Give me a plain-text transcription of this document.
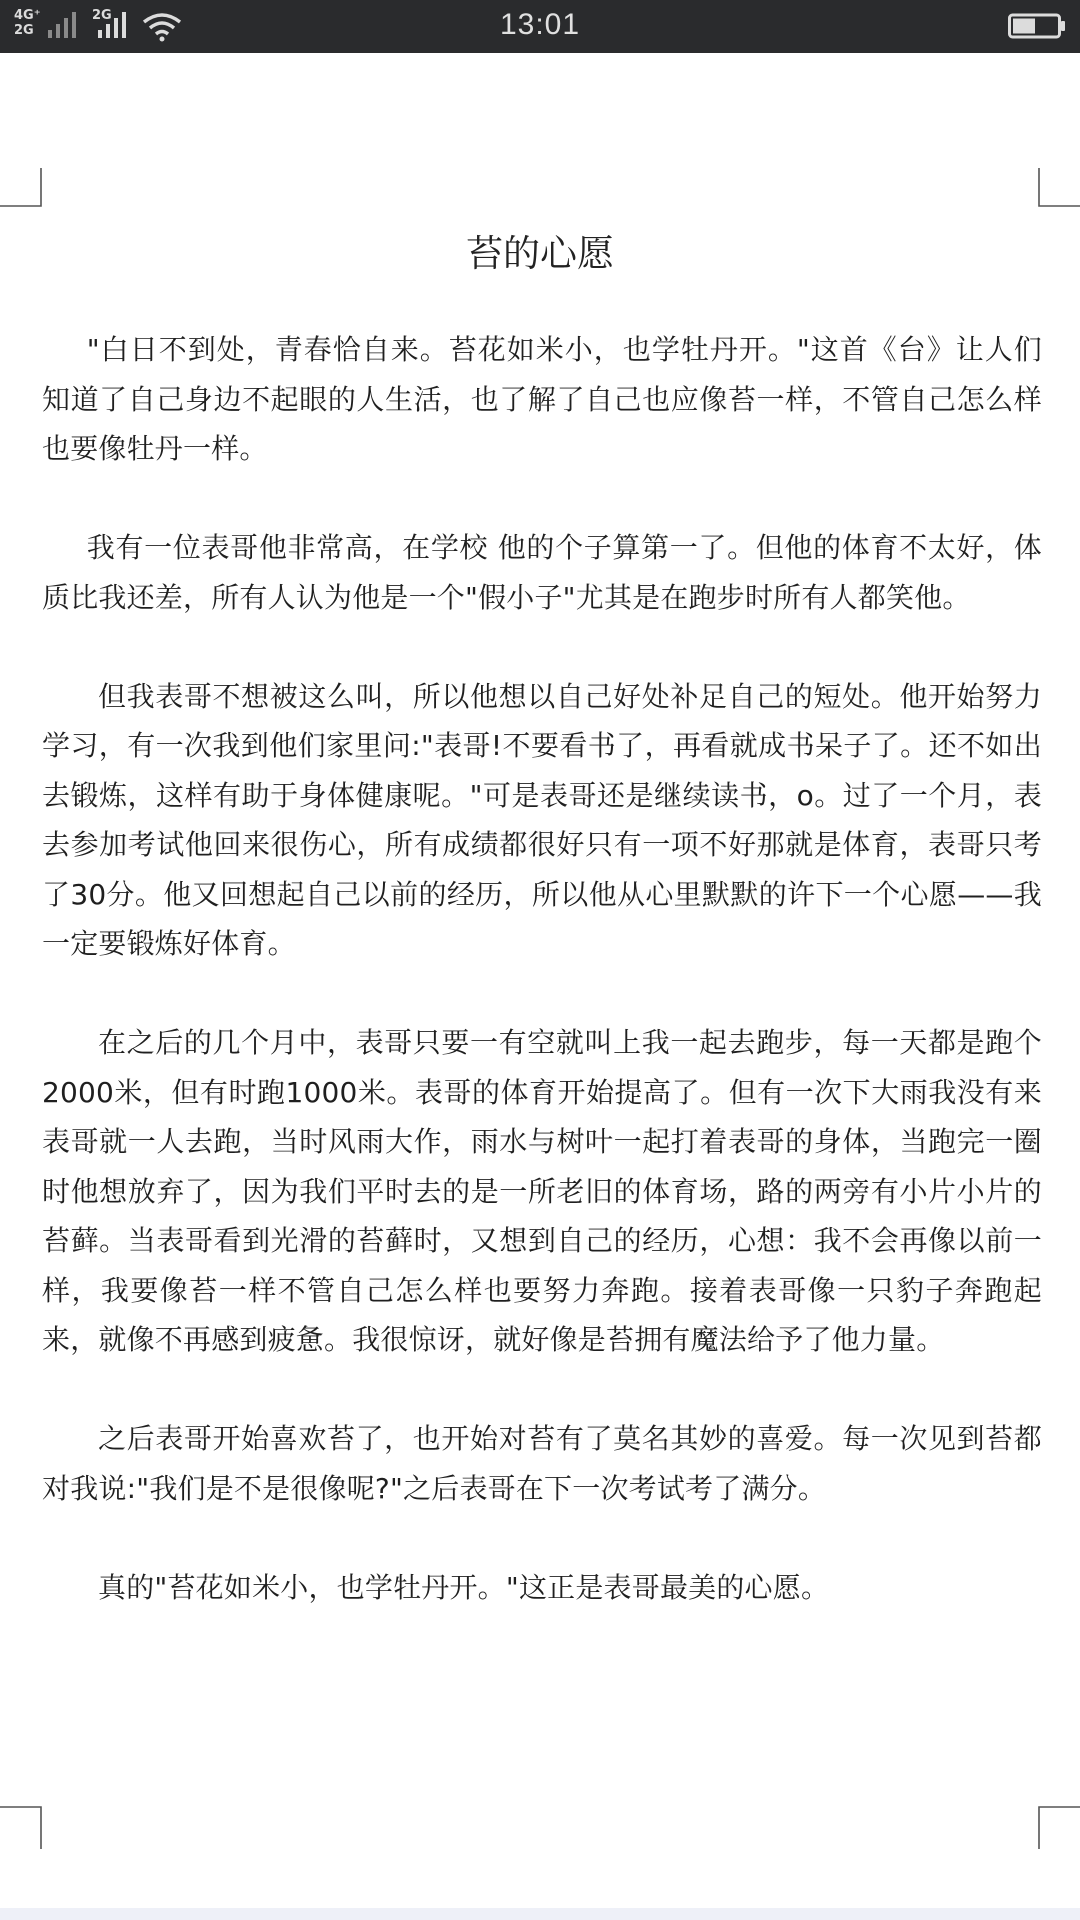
4G⁺
2G
2G	13:01
苔的心愿

"白日不到处，青春恰自来。苔花如米小，也学牡丹开。"这首《台》让人们知道了自己身边不起眼的人生活，也了解了自己也应像苔一样，不管自己怎么样也要像牡丹一样。

我有一位表哥他非常高，在学校 他的个子算第一了。但他的体育不太好，体质比我还差，所有人认为他是一个"假小子"尤其是在跑步时所有人都笑他。

但我表哥不想被这么叫，所以他想以自己好处补足自己的短处。他开始努力学习，有一次我到他们家里问:"表哥!不要看书了，再看就成书呆子了。还不如出去锻炼，这样有助于身体健康呢。"可是表哥还是继续读书，o。过了一个月，表去参加考试他回来很伤心，所有成绩都很好只有一项不好那就是体育，表哥只考了30分。他又回想起自己以前的经历，所以他从心里默默的许下一个心愿——我一定要锻炼好体育。

在之后的几个月中，表哥只要一有空就叫上我一起去跑步，每一天都是跑个2000米，但有时跑1000米。表哥的体育开始提高了。但有一次下大雨我没有来表哥就一人去跑，当时风雨大作，雨水与树叶一起打着表哥的身体，当跑完一圈时他想放弃了，因为我们平时去的是一所老旧的体育场，路的两旁有小片小片的苔藓。当表哥看到光滑的苔藓时，又想到自己的经历，心想：我不会再像以前一样，我要像苔一样不管自己怎么样也要努力奔跑。接着表哥像一只豹子奔跑起来，就像不再感到疲惫。我很惊讶，就好像是苔拥有魔法给予了他力量。

之后表哥开始喜欢苔了，也开始对苔有了莫名其妙的喜爱。每一次见到苔都对我说:"我们是不是很像呢?"之后表哥在下一次考试考了满分。

真的"苔花如米小，也学牡丹开。"这正是表哥最美的心愿。
